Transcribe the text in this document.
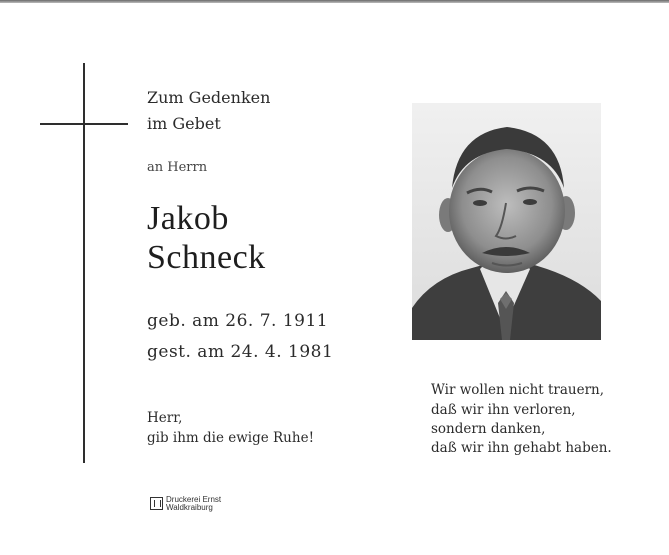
Zum Gedenken
im Gebet
an Herrn
Jakob
Schneck
geb. am 26. 7. 1911
gest. am 24. 4. 1981
Herr,
gib ihm die ewige Ruhe!
Wir wollen nicht trauern,
daß wir ihn verloren,
sondern danken,
daß wir ihn gehabt haben.
Druckerei Ernst
Waldkraiburg
